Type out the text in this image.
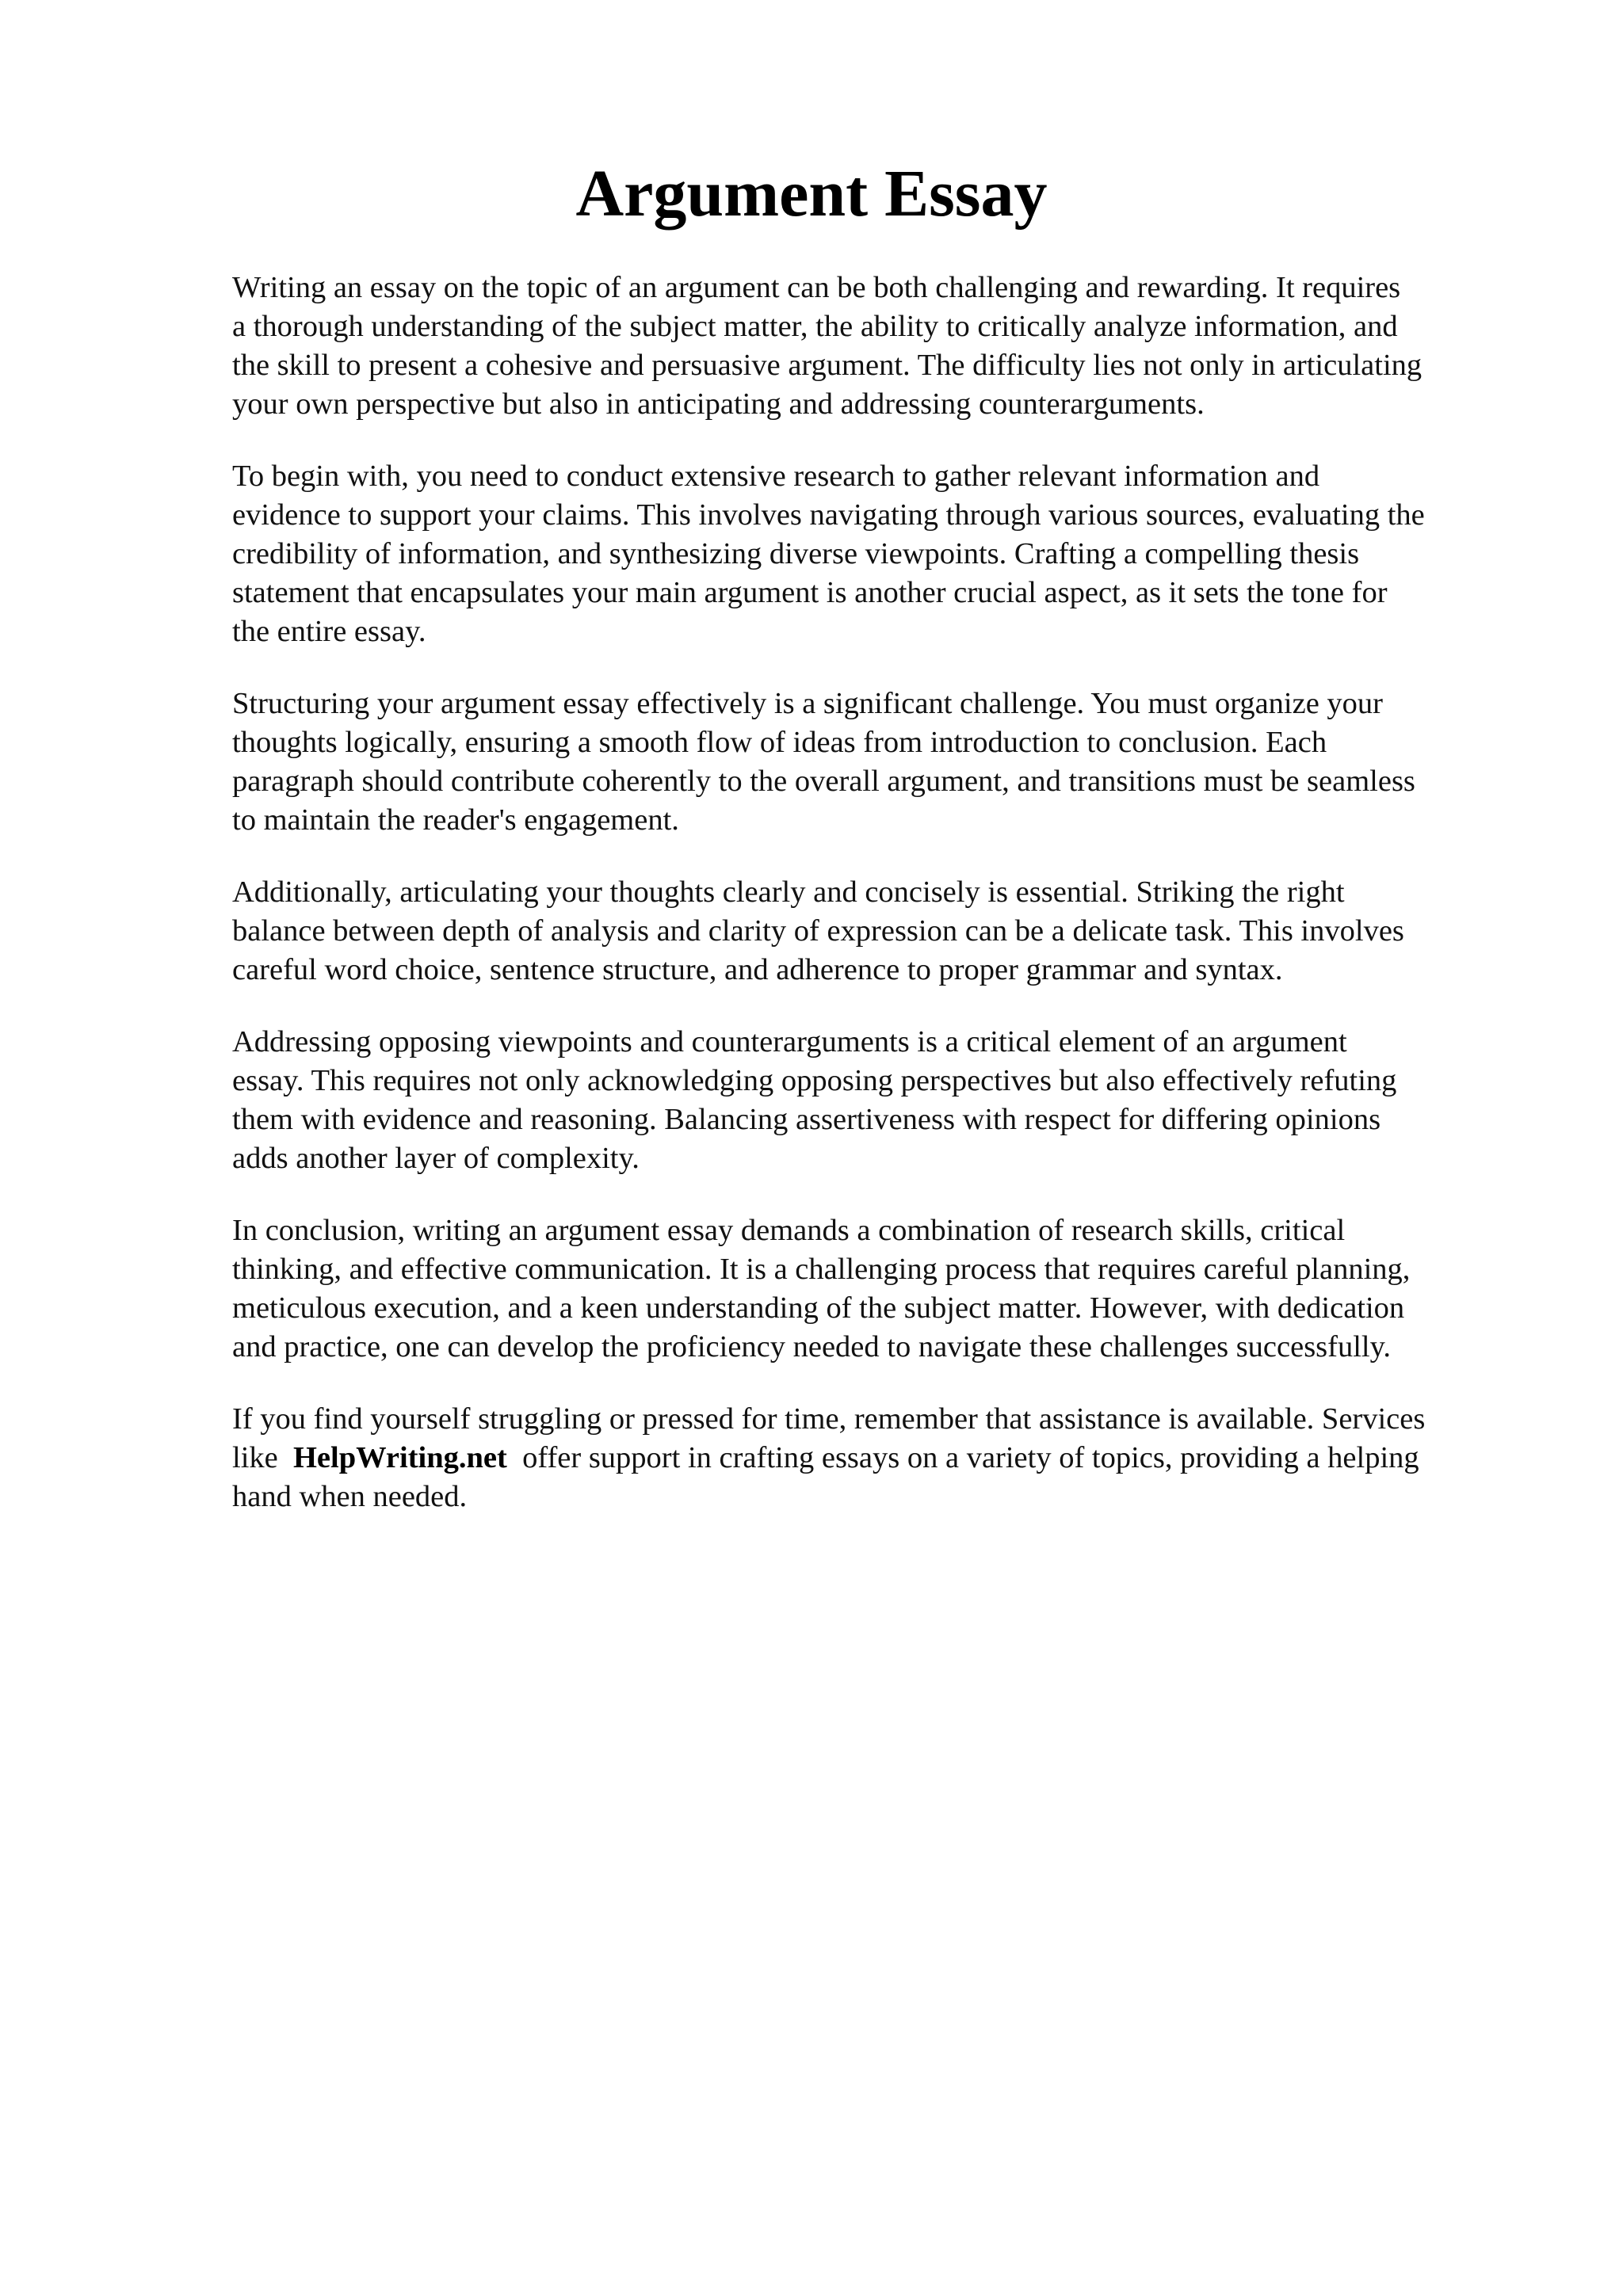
Argument Essay

Writing an essay on the topic of an argument can be both challenging and rewarding. It requires
a thorough understanding of the subject matter, the ability to critically analyze information, and
the skill to present a cohesive and persuasive argument. The difficulty lies not only in articulating
your own perspective but also in anticipating and addressing counterarguments.

To begin with, you need to conduct extensive research to gather relevant information and
evidence to support your claims. This involves navigating through various sources, evaluating the
credibility of information, and synthesizing diverse viewpoints. Crafting a compelling thesis
statement that encapsulates your main argument is another crucial aspect, as it sets the tone for
the entire essay.

Structuring your argument essay effectively is a significant challenge. You must organize your
thoughts logically, ensuring a smooth flow of ideas from introduction to conclusion. Each
paragraph should contribute coherently to the overall argument, and transitions must be seamless
to maintain the reader's engagement.

Additionally, articulating your thoughts clearly and concisely is essential. Striking the right
balance between depth of analysis and clarity of expression can be a delicate task. This involves
careful word choice, sentence structure, and adherence to proper grammar and syntax.

Addressing opposing viewpoints and counterarguments is a critical element of an argument
essay. This requires not only acknowledging opposing perspectives but also effectively refuting
them with evidence and reasoning. Balancing assertiveness with respect for differing opinions
adds another layer of complexity.

In conclusion, writing an argument essay demands a combination of research skills, critical
thinking, and effective communication. It is a challenging process that requires careful planning,
meticulous execution, and a keen understanding of the subject matter. However, with dedication
and practice, one can develop the proficiency needed to navigate these challenges successfully.

If you find yourself struggling or pressed for time, remember that assistance is available. Services
like HelpWriting.net offer support in crafting essays on a variety of topics, providing a helping
hand when needed.
